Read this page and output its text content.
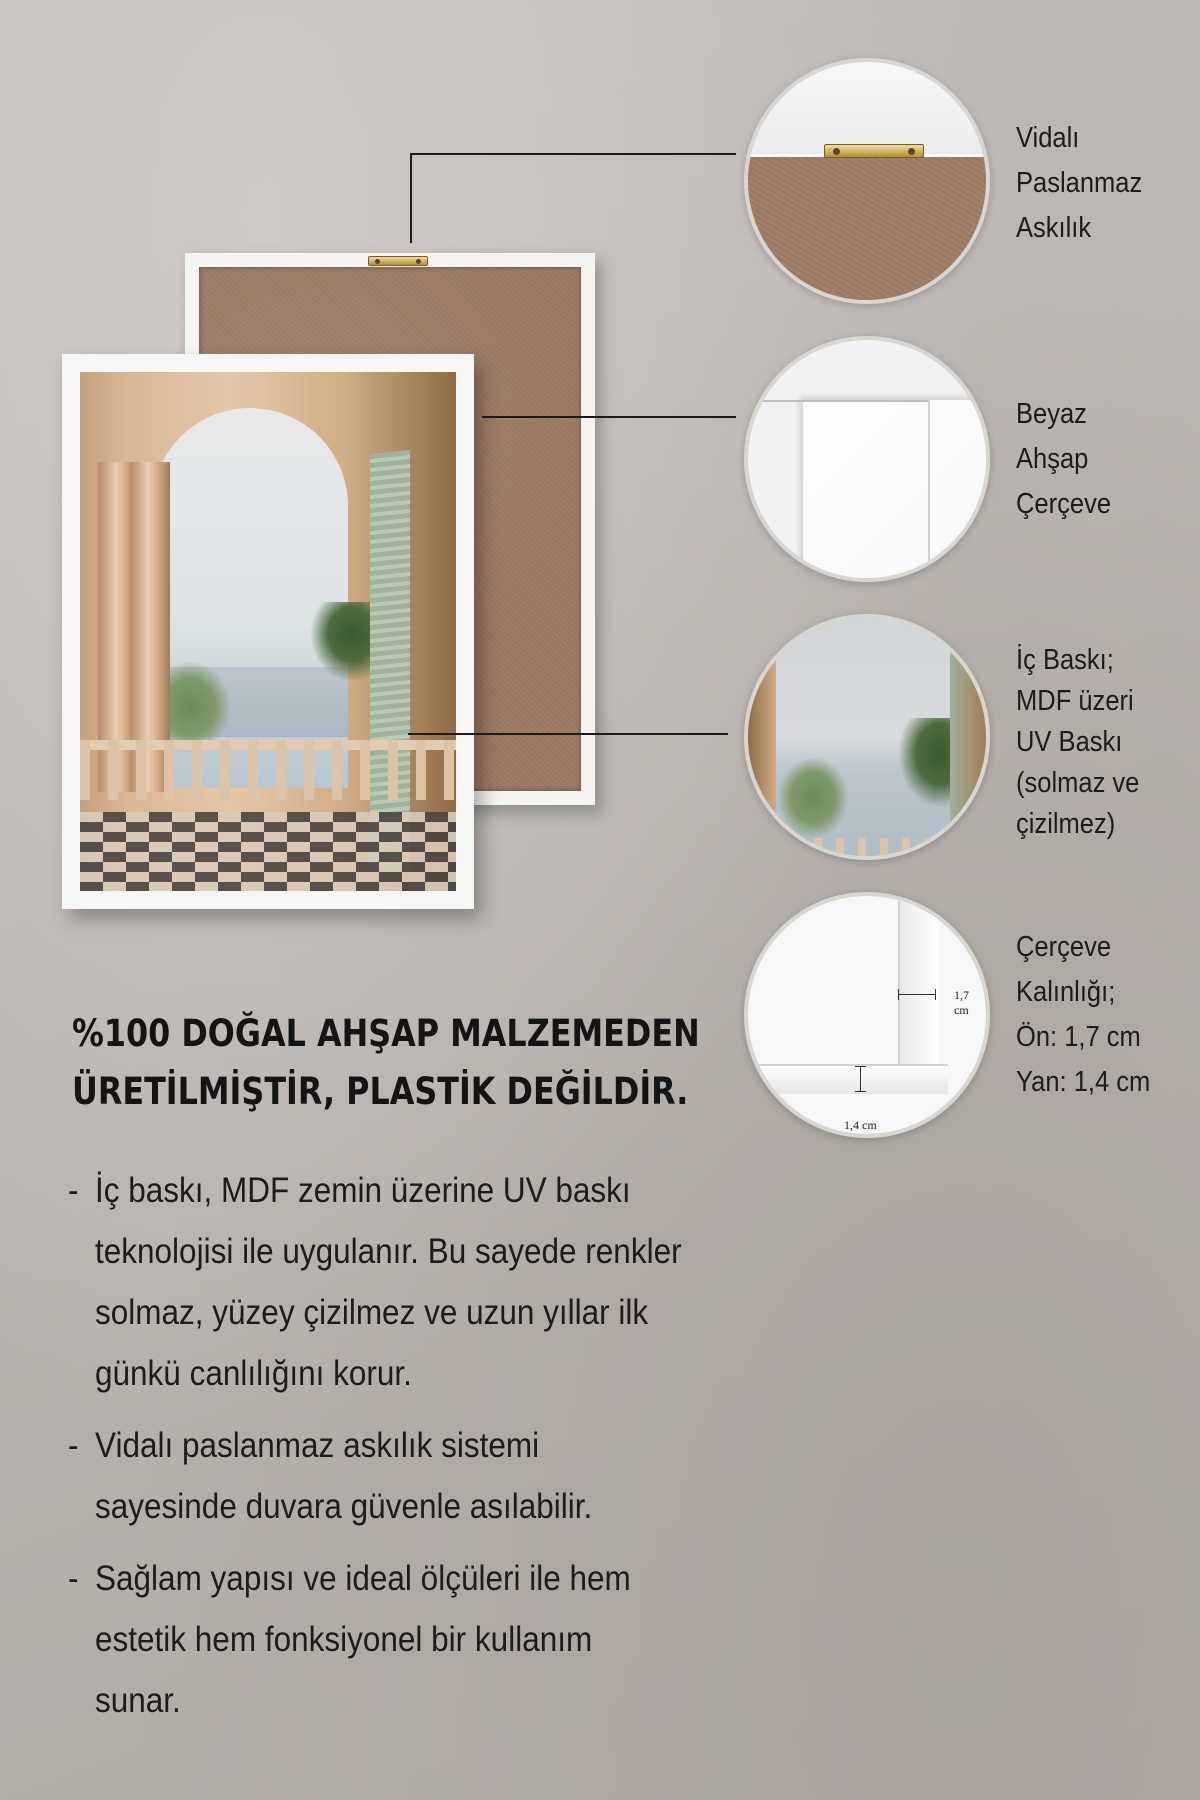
1,7 cm
1,4 cm
Vidalı
Paslanmaz
Askılık
Beyaz
Ahşap
Çerçeve
İç Baskı;
MDF üzeri
UV Baskı
(solmaz ve
çizilmez)
Çerçeve
Kalınlığı;
Ön: 1,7 cm
Yan: 1,4 cm
%100 DOĞAL AHŞAP MALZEMEDEN
ÜRETİLMİŞTİR, PLASTİK DEĞİLDİR.
- İç baskı, MDF zemin üzerine UV baskı
teknolojisi ile uygulanır. Bu sayede renkler
solmaz, yüzey çizilmez ve uzun yıllar ilk
günkü canlılığını korur.
- Vidalı paslanmaz askılık sistemi
sayesinde duvara güvenle asılabilir.
- Sağlam yapısı ve ideal ölçüleri ile hem
estetik hem fonksiyonel bir kullanım
sunar.
